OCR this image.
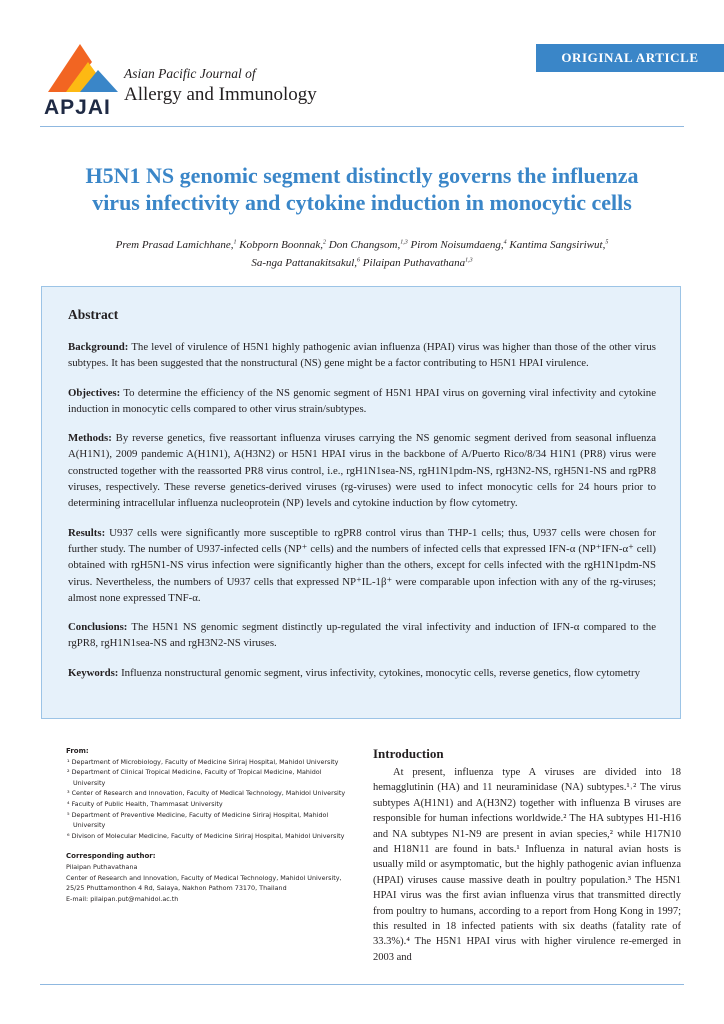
APJAI
Asian Pacific Journal of
Allergy and Immunology
ORIGINAL ARTICLE
H5N1 NS genomic segment distinctly governs the influenza
virus infectivity and cytokine induction in monocytic cells
Prem Prasad Lamichhane,$^1$ Kobporn Boonnak,$^2$ Don Changsom,$^{1,3}$ Pirom Noisumdaeng,$^4$ Kantima Sangsiriwut,$^5$
Sa-nga Pattanakitsakul,$^6$ Pilaipan Puthavathana$^{1,3}$
Abstract

Background: The level of virulence of H5N1 highly pathogenic avian influenza (HPAI) virus was higher than those of the other virus subtypes. It has been suggested that the nonstructural (NS) gene might be a factor contributing to H5N1 HPAI virulence.

Objectives: To determine the efficiency of the NS genomic segment of H5N1 HPAI virus on governing viral infectivity and cytokine induction in monocytic cells compared to other virus strain/subtypes.

Methods: By reverse genetics, five reassortant influenza viruses carrying the NS genomic segment derived from seasonal influenza A(H1N1), 2009 pandemic A(H1N1), A(H3N2) or H5N1 HPAI virus in the backbone of A/Puerto Rico/8/34 H1N1 (PR8) virus were constructed together with the reassorted PR8 virus control, i.e., rgH1N1sea-NS, rgH1N1pdm-NS, rgH3N2-NS, rgH5N1-NS and rgPR8 viruses, respectively. These reverse genetics-derived viruses (rg-viruses) were used to infect monocytic cells for 24 hours prior to determining intracellular influenza nucleoprotein (NP) levels and cytokine induction by flow cytometry.

Results: U937 cells were significantly more susceptible to rgPR8 control virus than THP-1 cells; thus, U937 cells were chosen for further study. The number of U937-infected cells (NP⁺ cells) and the numbers of infected cells that expressed IFN-α (NP⁺IFN-α⁺ cell) obtained with rgH5N1-NS virus infection were significantly higher than the others, except for cells infected with the rgH1N1pdm-NS virus. Nevertheless, the numbers of U937 cells that expressed NP⁺IL-1β⁺ were comparable upon infection with any of the rg-viruses; almost none expressed TNF-α.

Conclusions: The H5N1 NS genomic segment distinctly up-regulated the viral infectivity and induction of IFN-α compared to the rgPR8, rgH1N1sea-NS and rgH3N2-NS viruses.

Keywords: Influenza nonstructural genomic segment, virus infectivity, cytokines, monocytic cells, reverse genetics, flow cytometry

From:
¹ Department of Microbiology, Faculty of Medicine Siriraj Hospital, Mahidol University
² Department of Clinical Tropical Medicine, Faculty of Tropical Medicine, Mahidol University
³ Center of Research and Innovation, Faculty of Medical Technology, Mahidol University
⁴ Faculty of Public Health, Thammasat University
⁵ Department of Preventive Medicine, Faculty of Medicine Siriraj Hospital, Mahidol University
⁶ Divison of Molecular Medicine, Faculty of Medicine Siriraj Hospital, Mahidol University
Corresponding author:
Pilaipan Puthavathana
Center of Research and Innovation, Faculty of Medical Technology, Mahidol University,
25/25 Phuttamonthon 4 Rd, Salaya, Nakhon Pathom 73170, Thailand
E-mail: pilaipan.put@mahidol.ac.th
Introduction

At present, influenza type A viruses are divided into 18 hemagglutinin (HA) and 11 neuraminidase (NA) subtypes.¹˒² The virus subtypes A(H1N1) and A(H3N2) together with influenza B viruses are responsible for human infections worldwide.² The HA subtypes H1-H16 and NA subtypes N1-N9 are present in avian species,² while H17N10 and H18N11 are found in bats.¹ Influenza in natural avian hosts is usually mild or asymptomatic, but the highly pathogenic avian influenza (HPAI) viruses cause massive death in poultry population.³ The H5N1 HPAI virus was the first avian influenza virus that transmitted directly from poultry to humans, according to a report from Hong Kong in 1997; this resulted in 18 infected patients with six deaths (fatality rate of 33.3%).⁴ The H5N1 HPAI virus with higher virulence re-emerged in 2003 and
